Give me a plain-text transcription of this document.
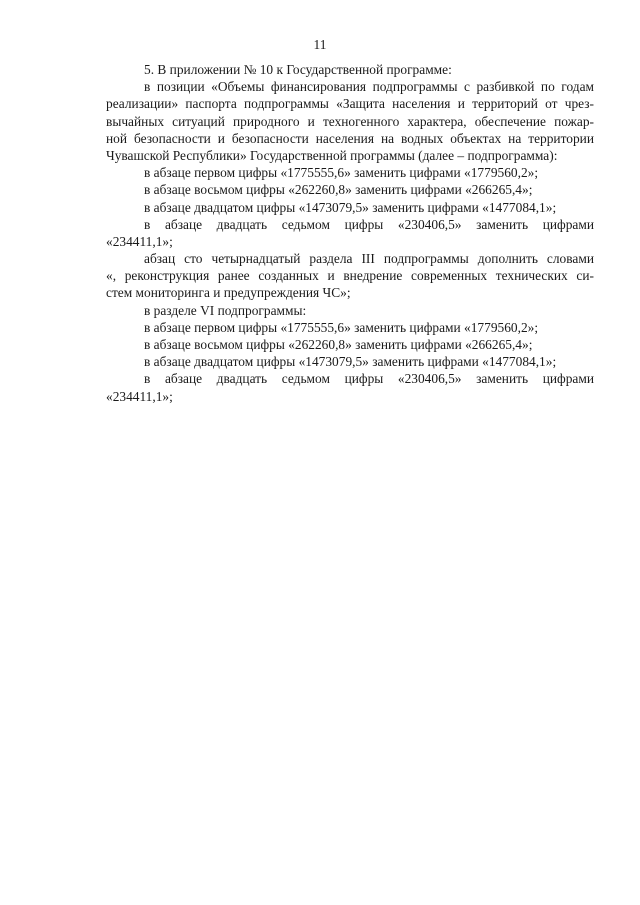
11
5. В приложении № 10 к Государственной программе:
в позиции «Объемы финансирования подпрограммы с разбивкой по годам
реализации» паспорта подпрограммы «Защита населения и территорий от чрез-
вычайных ситуаций природного и техногенного характера, обеспечение пожар-
ной безопасности и безопасности населения на водных объектах на территории
Чувашской Республики» Государственной программы (далее – подпрограмма):
в абзаце первом цифры «1775555,6» заменить цифрами «1779560,2»;
в абзаце восьмом цифры «262260,8» заменить цифрами «266265,4»;
в абзаце двадцатом цифры «1473079,5» заменить цифрами «1477084,1»;
в абзаце двадцать седьмом цифры «230406,5» заменить цифрами
«234411,1»;
абзац сто четырнадцатый раздела III подпрограммы дополнить словами
«, реконструкция ранее созданных и внедрение современных технических си-
стем мониторинга и предупреждения ЧС»;
в разделе VI подпрограммы:
в абзаце первом цифры «1775555,6» заменить цифрами «1779560,2»;
в абзаце восьмом цифры «262260,8» заменить цифрами «266265,4»;
в абзаце двадцатом цифры «1473079,5» заменить цифрами «1477084,1»;
в абзаце двадцать седьмом цифры «230406,5» заменить цифрами
«234411,1»;
